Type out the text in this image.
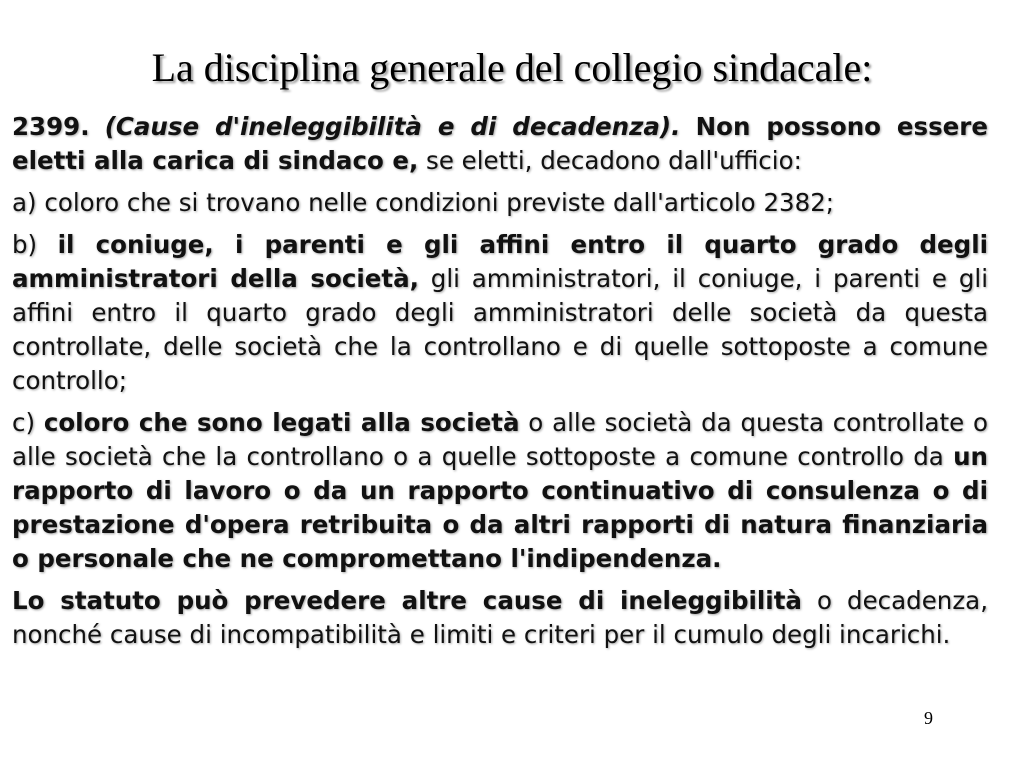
La disciplina generale del collegio sindacale:

2399. (Cause d'ineleggibilità e di decadenza). Non possono essere eletti alla carica di sindaco e, se eletti, decadono dall'ufficio:

a) coloro che si trovano nelle condizioni previste dall'articolo 2382;

b) il coniuge, i parenti e gli affini entro il quarto grado degli amministratori della società, gli amministratori, il coniuge, i parenti e gli affini entro il quarto grado degli amministratori delle società da questa controllate, delle società che la controllano e di quelle sottoposte a comune controllo;

c) coloro che sono legati alla società o alle società da questa controllate o alle società che la controllano o a quelle sottoposte a comune controllo da un rapporto di lavoro o da un rapporto continuativo di consulenza o di prestazione d'opera retribuita o da altri rapporti di natura finanziaria o personale che ne compromettano l'indipendenza.

Lo statuto può prevedere altre cause di ineleggibilità o decadenza, nonché cause di incompatibilità e limiti e criteri per il cumulo degli incarichi.

9
